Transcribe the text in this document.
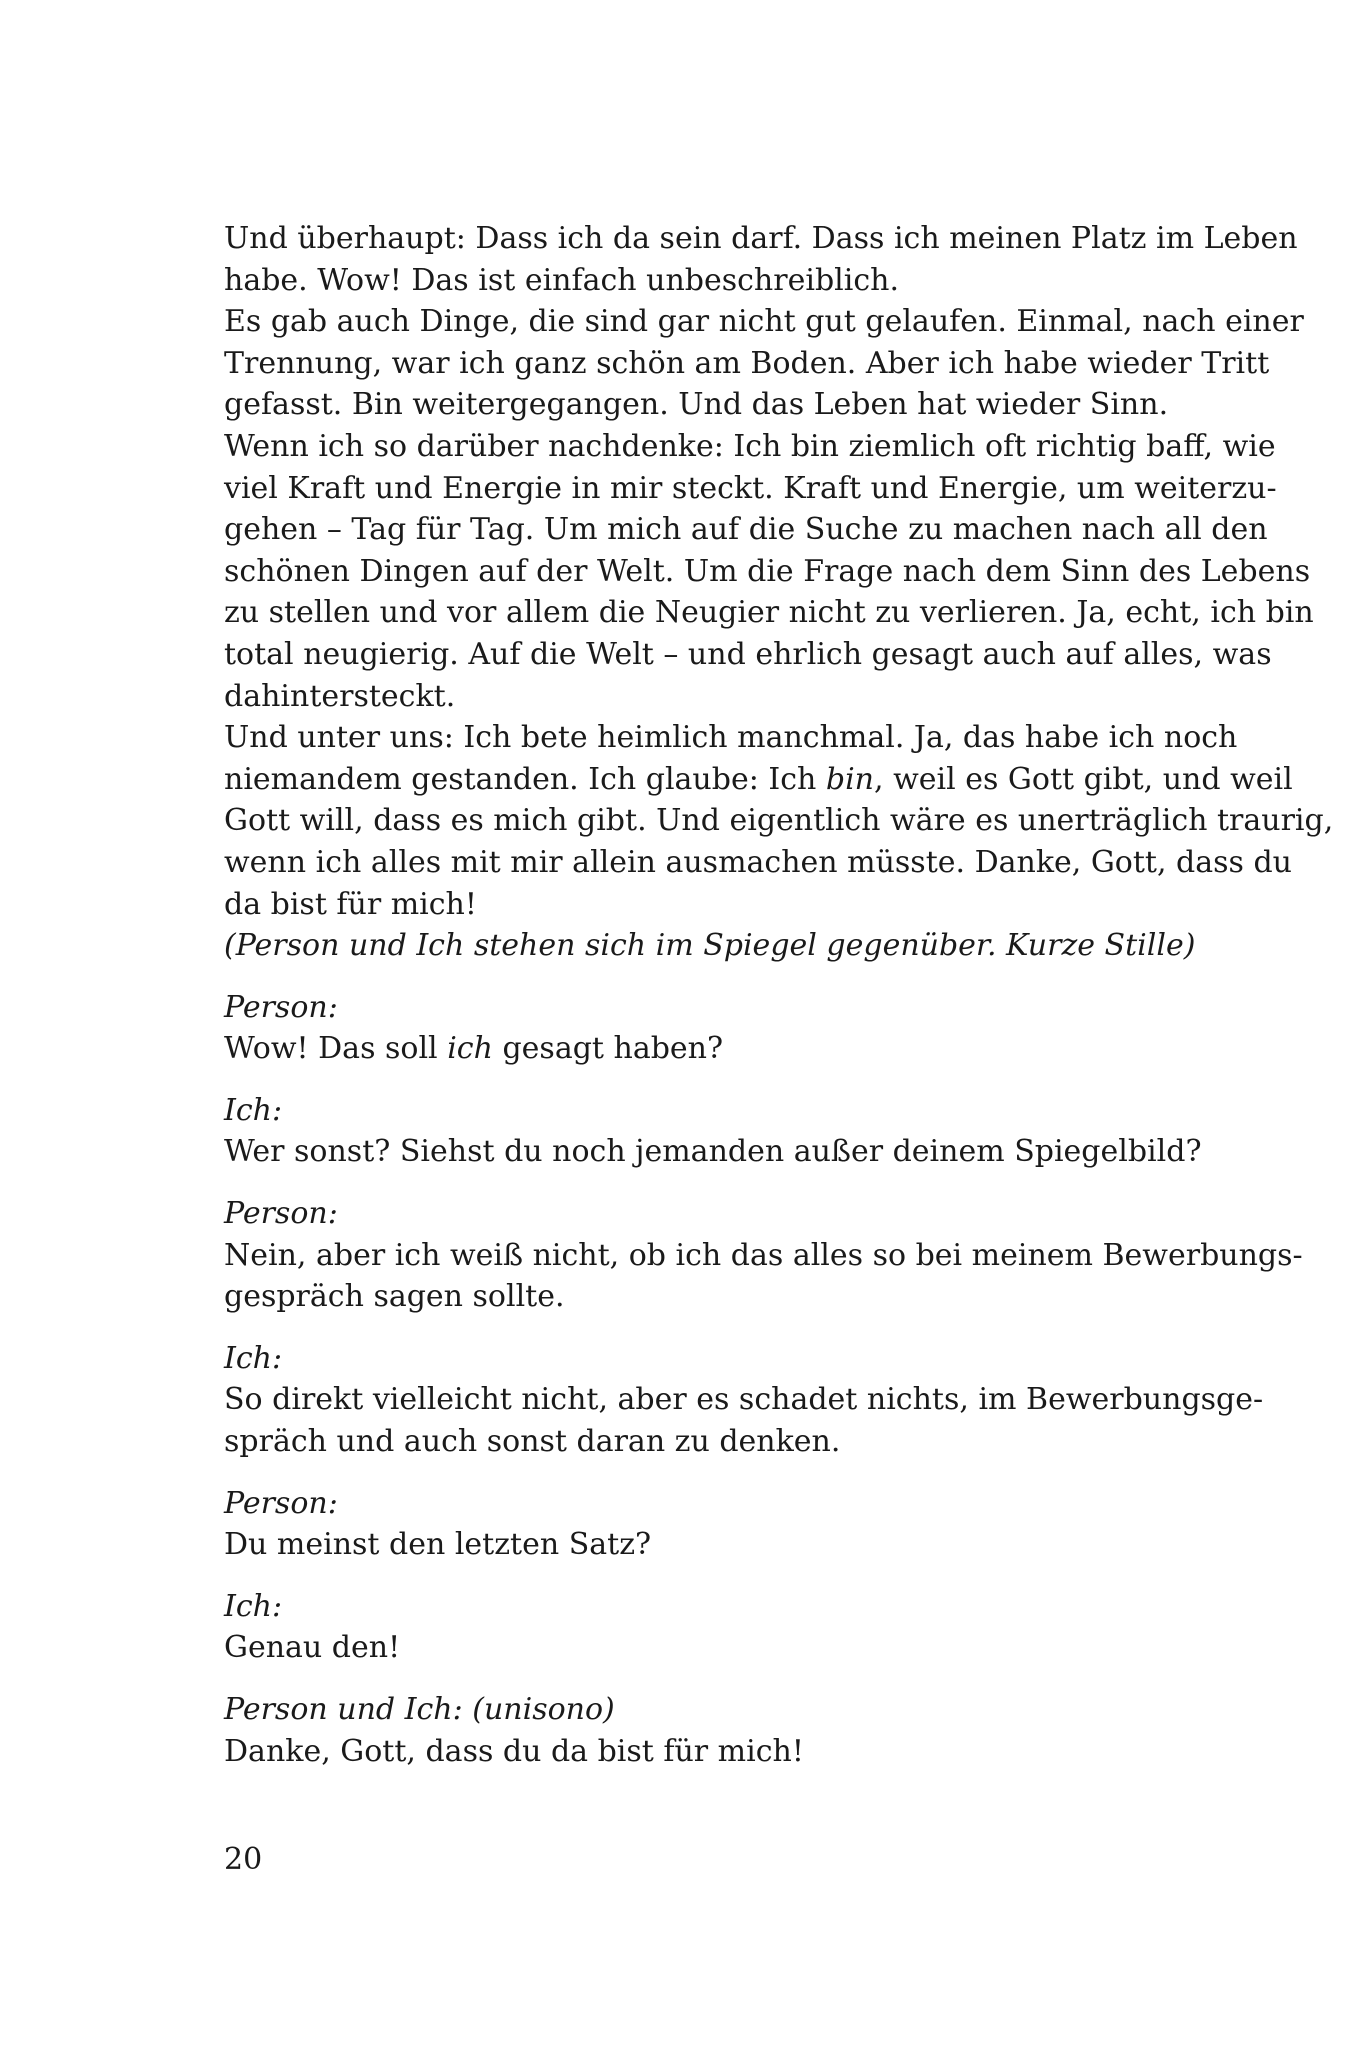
Und überhaupt: Dass ich da sein darf. Dass ich meinen Platz im Leben
habe. Wow! Das ist einfach unbeschreiblich.
Es gab auch Dinge, die sind gar nicht gut gelaufen. Einmal, nach einer
Trennung, war ich ganz schön am Boden. Aber ich habe wieder Tritt
gefasst. Bin weitergegangen. Und das Leben hat wieder Sinn.
Wenn ich so darüber nachdenke: Ich bin ziemlich oft richtig baff, wie
viel Kraft und Energie in mir steckt. Kraft und Energie, um weiterzu-
gehen – Tag für Tag. Um mich auf die Suche zu machen nach all den
schönen Dingen auf der Welt. Um die Frage nach dem Sinn des Lebens
zu stellen und vor allem die Neugier nicht zu verlieren. Ja, echt, ich bin
total neugierig. Auf die Welt – und ehrlich gesagt auch auf alles, was
dahintersteckt.
Und unter uns: Ich bete heimlich manchmal. Ja, das habe ich noch
niemandem gestanden. Ich glaube: Ich bin, weil es Gott gibt, und weil
Gott will, dass es mich gibt. Und eigentlich wäre es unerträglich traurig,
wenn ich alles mit mir allein ausmachen müsste. Danke, Gott, dass du
da bist für mich!
(Person und Ich stehen sich im Spiegel gegenüber. Kurze Stille)
Person:
Wow! Das soll ich gesagt haben?
Ich:
Wer sonst? Siehst du noch jemanden außer deinem Spiegelbild?
Person:
Nein, aber ich weiß nicht, ob ich das alles so bei meinem Bewerbungs-
gespräch sagen sollte.
Ich:
So direkt vielleicht nicht, aber es schadet nichts, im Bewerbungsge-
spräch und auch sonst daran zu denken.
Person:
Du meinst den letzten Satz?
Ich:
Genau den!
Person und Ich: (unisono)
Danke, Gott, dass du da bist für mich!
20
